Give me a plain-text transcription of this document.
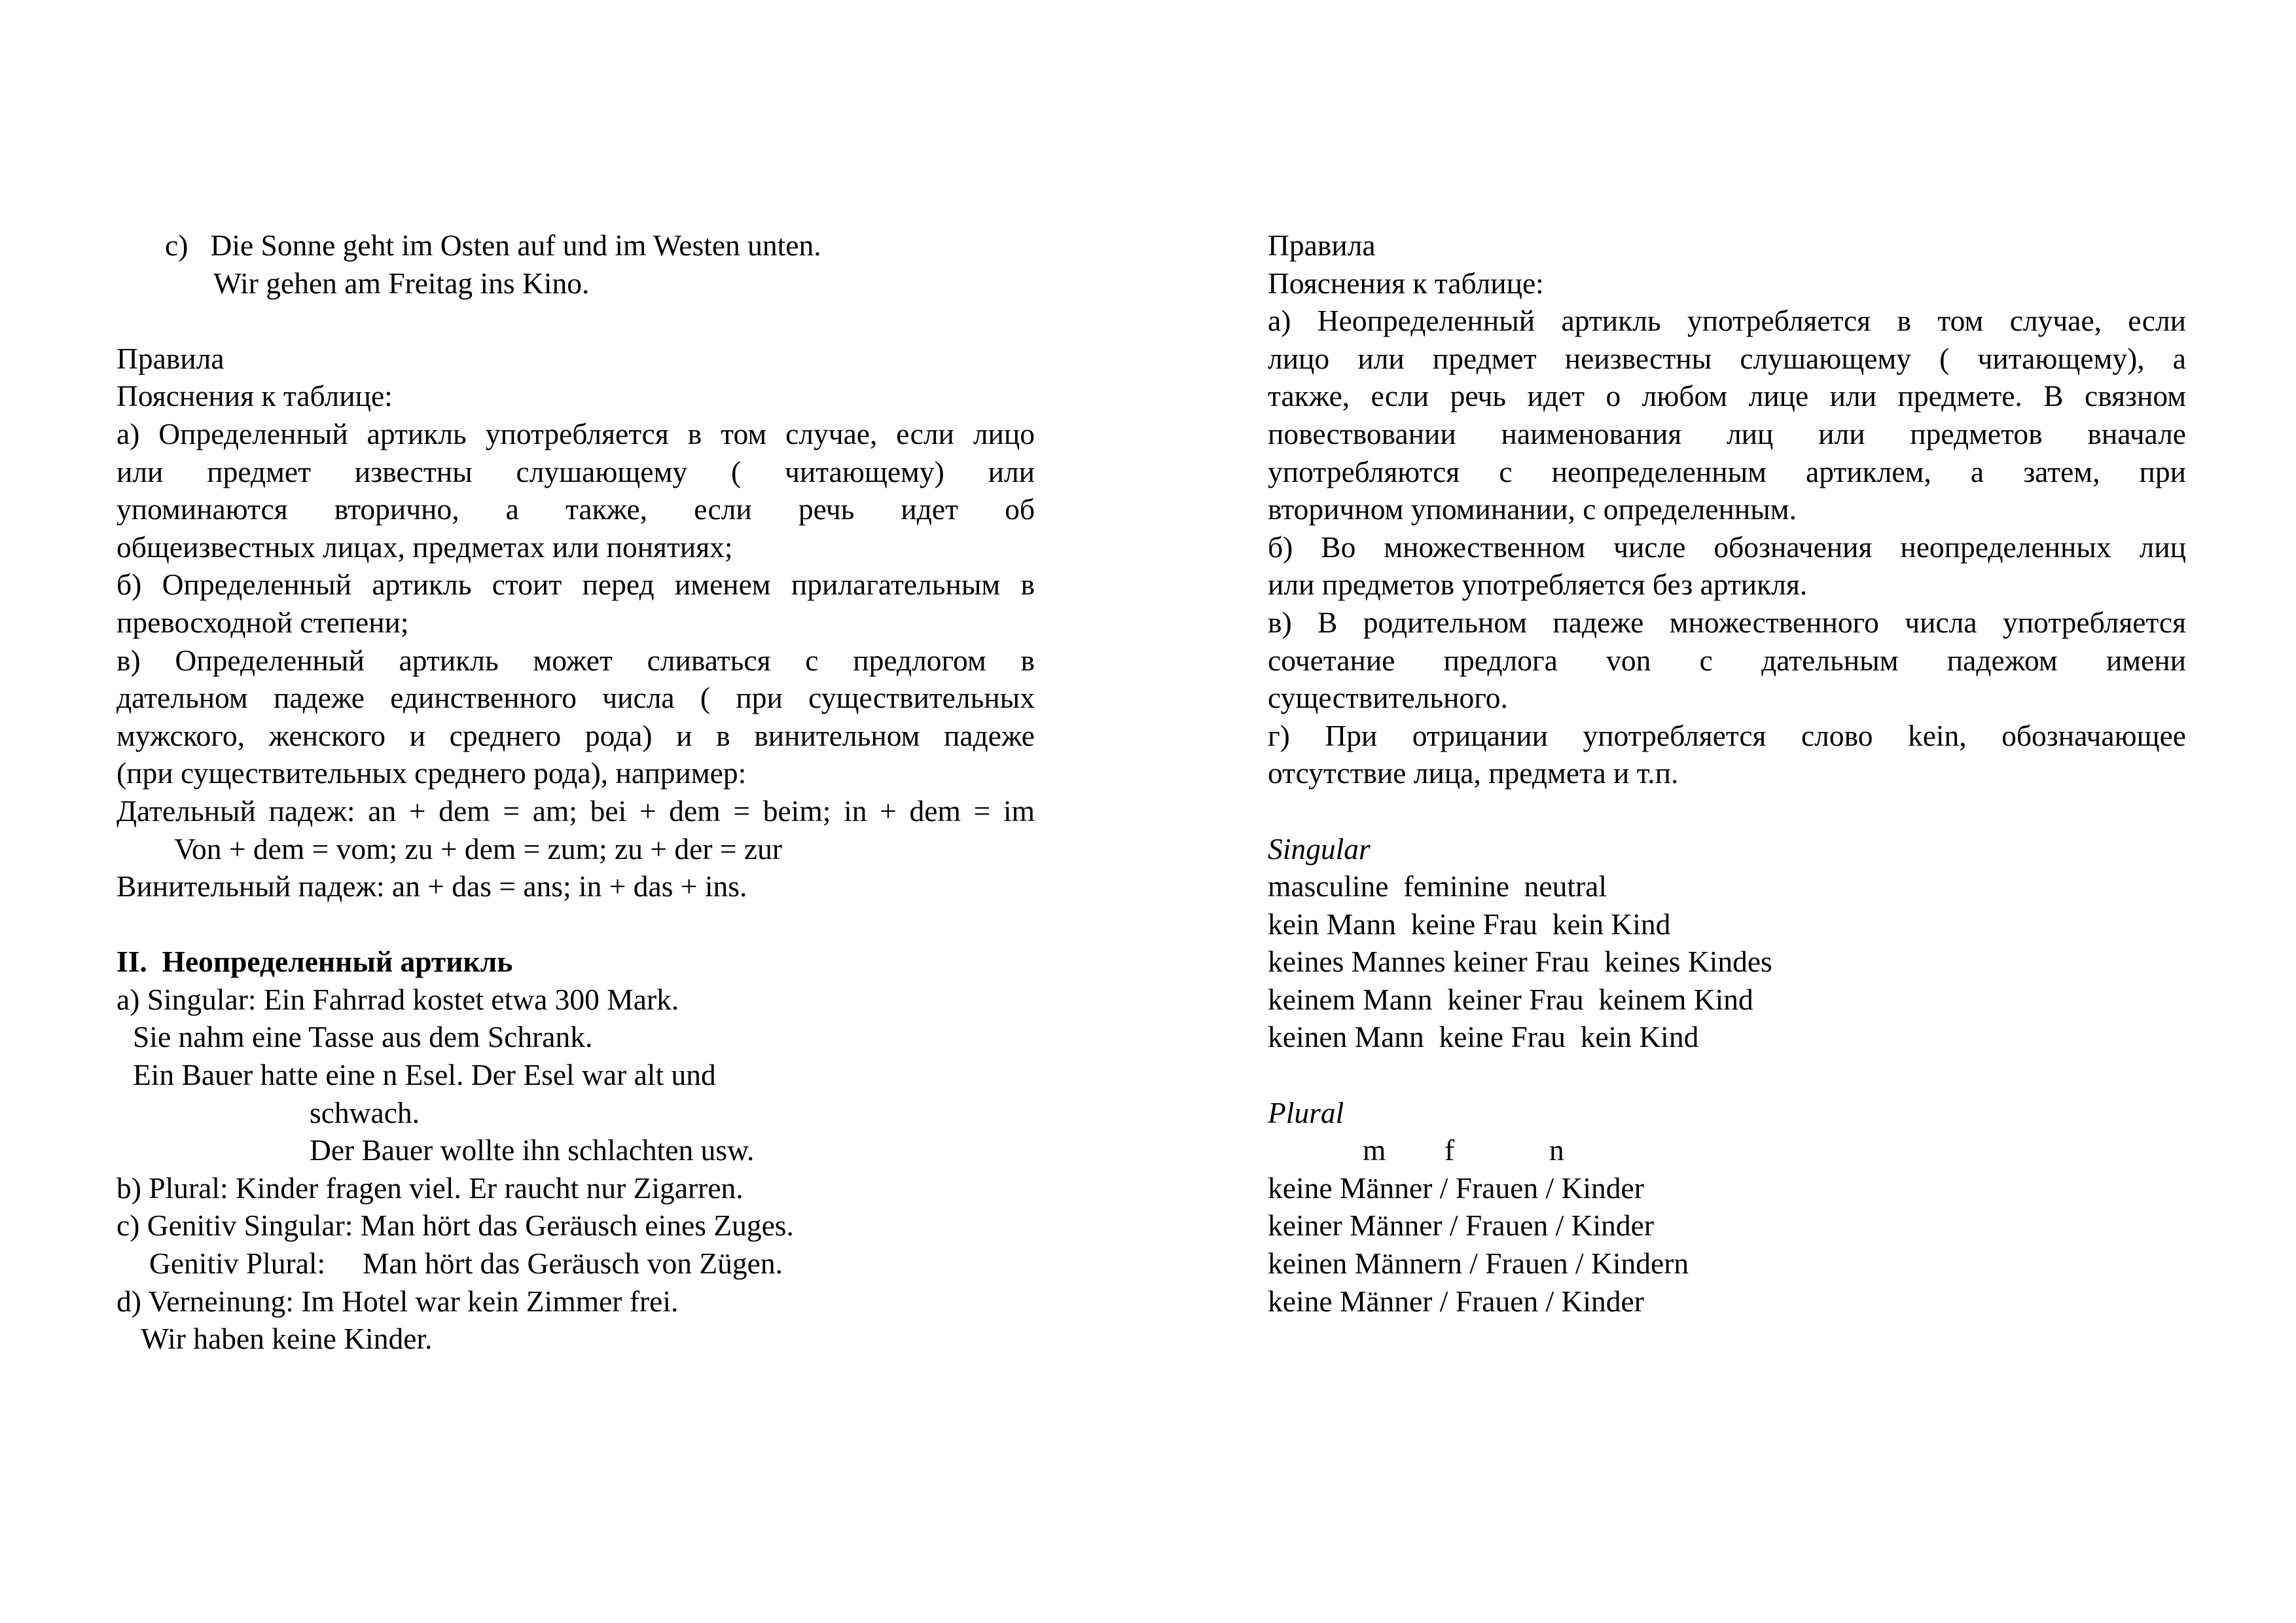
c)   Die Sonne geht im Osten auf und im Westen unten.
Wir gehen am Freitag ins Kino.
Правила
Пояснения к таблице:
а) Определенный артикль употребляется в том случае, если лицо
или предмет известны слушающему ( читающему) или
упоминаются вторично, а также, если речь идет об
общеизвестных лицах, предметах или понятиях;
б) Определенный артикль стоит перед именем прилагательным в
превосходной степени;
в) Определенный артикль может сливаться с предлогом в
дательном падеже единственного числа ( при существительных
мужского, женского и среднего рода) и в винительном падеже
(при существительных среднего рода), например:
Дательный падеж: an + dem = am; bei + dem = beim; in + dem = im
Von + dem = vom; zu + dem = zum; zu + der = zur
Винительный падеж: an + das = ans; in + das + ins.
II.  Неопределенный артикль
a) Singular: Ein Fahrrad kostet etwa 300 Mark.
Sie nahm eine Tasse aus dem Schrank.
Ein Bauer hatte eine n Esel. Der Esel war alt und
schwach.
Der Bauer wollte ihn schlachten usw.
b) Plural: Kinder fragen viel. Er raucht nur Zigarren.
c) Genitiv Singular: Man hört das Geräusch eines Zuges.
Genitiv Plural:     Man hört das Geräusch von Zügen.
d) Verneinung: Im Hotel war kein Zimmer frei.
Wir haben keine Kinder.
Правила
Пояснения к таблице:
а) Неопределенный артикль употребляется в том случае, если
лицо или предмет неизвестны слушающему ( читающему), а
также, если речь идет о любом лице или предмете. В связном
повествовании наименования лиц или предметов вначале
употребляются с неопределенным артиклем, а затем, при
вторичном упоминании, с определенным.
б) Во множественном числе обозначения неопределенных лиц
или предметов употребляется без артикля.
в) В родительном падеже множественного числа употребляется
сочетание предлога von с дательным падежом имени
существительного.
г) При отрицании употребляется слово kein, обозначающее
отсутствие лица, предмета и т.п.
Singular
masculine  feminine  neutral
kein Mann  keine Frau  kein Kind
keines Mannes keiner Frau  keines Kindes
keinem Mann  keiner Frau  keinem Kind
keinen Mann  keine Frau  kein Kind
Plural
m f	n
keine Männer / Frauen / Kinder
keiner Männer / Frauen / Kinder
keinen Männern / Frauen / Kindern
keine Männer / Frauen / Kinder
